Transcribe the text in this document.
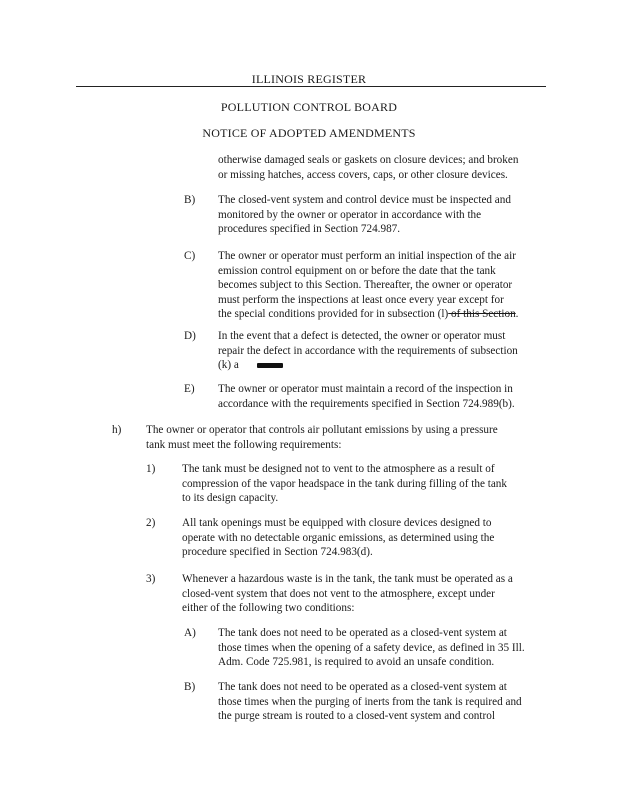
ILLINOIS REGISTER
POLLUTION CONTROL BOARD
NOTICE OF ADOPTED AMENDMENTS
otherwise damaged seals or gaskets on closure devices; and broken
or missing hatches, access covers, caps, or other closure devices.
B) The closed-vent system and control device must be inspected and
monitored by the owner or operator in accordance with the
procedures specified in Section 724.987.
C) The owner or operator must perform an initial inspection of the air
emission control equipment on or before the date that the tank
becomes subject to this Section. Thereafter, the owner or operator
must perform the inspections at least once every year except for
the special conditions provided for in subsection (l) of this Section.
D) In the event that a defect is detected, the owner or operator must
repair the defect in accordance with the requirements of subsection
(k) a
E) The owner or operator must maintain a record of the inspection in
accordance with the requirements specified in Section 724.989(b).
h) The owner or operator that controls air pollutant emissions by using a pressure
tank must meet the following requirements:
1) The tank must be designed not to vent to the atmosphere as a result of
compression of the vapor headspace in the tank during filling of the tank
to its design capacity.
2) All tank openings must be equipped with closure devices designed to
operate with no detectable organic emissions, as determined using the
procedure specified in Section 724.983(d).
3) Whenever a hazardous waste is in the tank, the tank must be operated as a
closed-vent system that does not vent to the atmosphere, except under
either of the following two conditions:
A) The tank does not need to be operated as a closed-vent system at
those times when the opening of a safety device, as defined in 35 Ill.
Adm. Code 725.981, is required to avoid an unsafe condition.
B) The tank does not need to be operated as a closed-vent system at
those times when the purging of inerts from the tank is required and
the purge stream is routed to a closed-vent system and control
